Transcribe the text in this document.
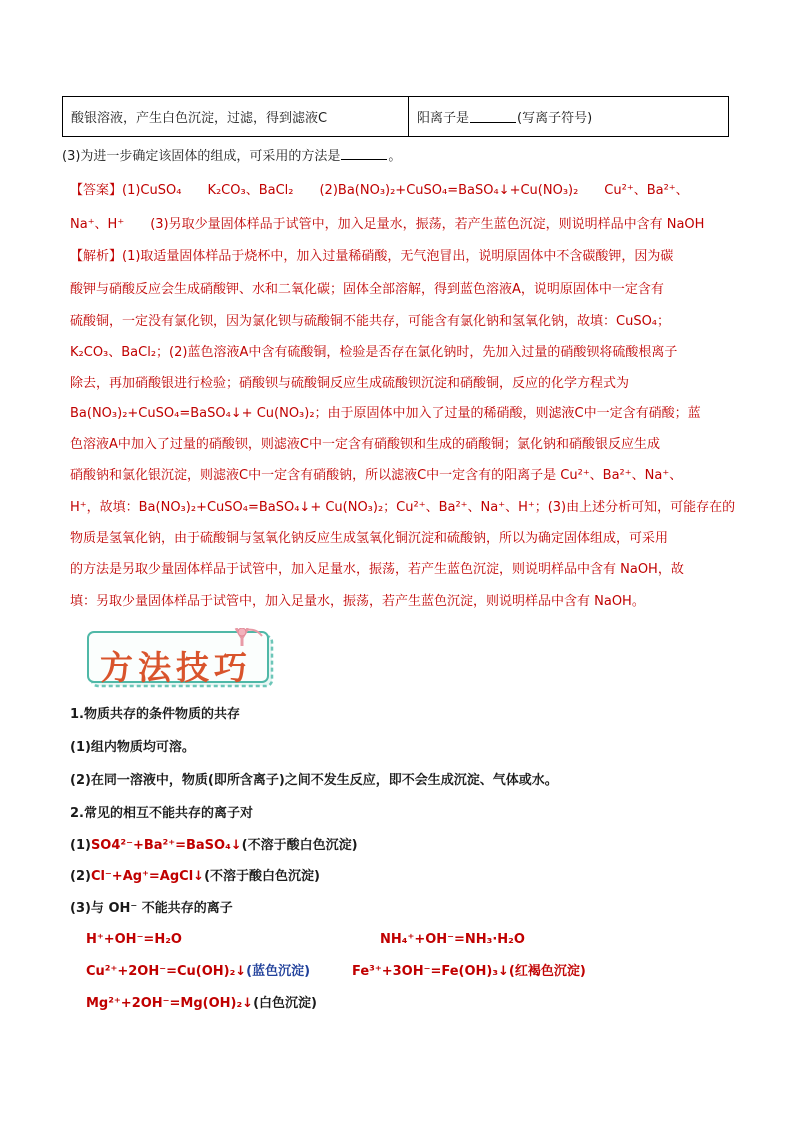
酸银溶液，产生白色沉淀，过滤，得到滤液C	阳离子是	(写离子符号)
(3)为进一步确定该固体的组成，可采用的方法是	。
【答案】(1)CuSO₄　　K₂CO₃、BaCl₂　　(2)Ba(NO₃)₂+CuSO₄=BaSO₄↓+Cu(NO₃)₂　　Cu²⁺、Ba²⁺、
Na⁺、H⁺　　(3)另取少量固体样品于试管中，加入足量水，振荡，若产生蓝色沉淀，则说明样品中含有 NaOH
【解析】(1)取适量固体样品于烧杯中，加入过量稀硝酸，无气泡冒出，说明原固体中不含碳酸钾，因为碳
酸钾与硝酸反应会生成硝酸钾、水和二氧化碳；固体全部溶解，得到蓝色溶液A，说明原固体中一定含有
硫酸铜，一定没有氯化钡，因为氯化钡与硫酸铜不能共存，可能含有氯化钠和氢氧化钠，故填：CuSO₄；
K₂CO₃、BaCl₂；(2)蓝色溶液A中含有硫酸铜，检验是否存在氯化钠时，先加入过量的硝酸钡将硫酸根离子
除去，再加硝酸银进行检验；硝酸钡与硫酸铜反应生成硫酸钡沉淀和硝酸铜，反应的化学方程式为
Ba(NO₃)₂+CuSO₄=BaSO₄↓+ Cu(NO₃)₂；由于原固体中加入了过量的稀硝酸，则滤液C中一定含有硝酸；蓝
色溶液A中加入了过量的硝酸钡，则滤液C中一定含有硝酸钡和生成的硝酸铜；氯化钠和硝酸银反应生成
硝酸钠和氯化银沉淀，则滤液C中一定含有硝酸钠，所以滤液C中一定含有的阳离子是 Cu²⁺、Ba²⁺、Na⁺、
H⁺，故填：Ba(NO₃)₂+CuSO₄=BaSO₄↓+ Cu(NO₃)₂；Cu²⁺、Ba²⁺、Na⁺、H⁺；(3)由上述分析可知，可能存在的
物质是氢氧化钠，由于硫酸铜与氢氧化钠反应生成氢氧化铜沉淀和硫酸钠，所以为确定固体组成，可采用
的方法是另取少量固体样品于试管中，加入足量水，振荡，若产生蓝色沉淀，则说明样品中含有 NaOH，故
填：另取少量固体样品于试管中，加入足量水，振荡，若产生蓝色沉淀，则说明样品中含有 NaOH。
方法技巧
1.物质共存的条件物质的共存
(1)组内物质均可溶。
(2)在同一溶液中，物质(即所含离子)之间不发生反应，即不会生成沉淀、气体或水。
2.常见的相互不能共存的离子对
(1)SO4²⁻+Ba²⁺=BaSO₄↓(不溶于酸白色沉淀)
(2)Cl⁻+Ag⁺=AgCl↓(不溶于酸白色沉淀)
(3)与 OH⁻ 不能共存的离子
H⁺+OH⁻=H₂O	NH₄⁺+OH⁻=NH₃·H₂O
Cu²⁺+2OH⁻=Cu(OH)₂↓(蓝色沉淀)	Fe³⁺+3OH⁻=Fe(OH)₃↓(红褐色沉淀)
Mg²⁺+2OH⁻=Mg(OH)₂↓(白色沉淀)
